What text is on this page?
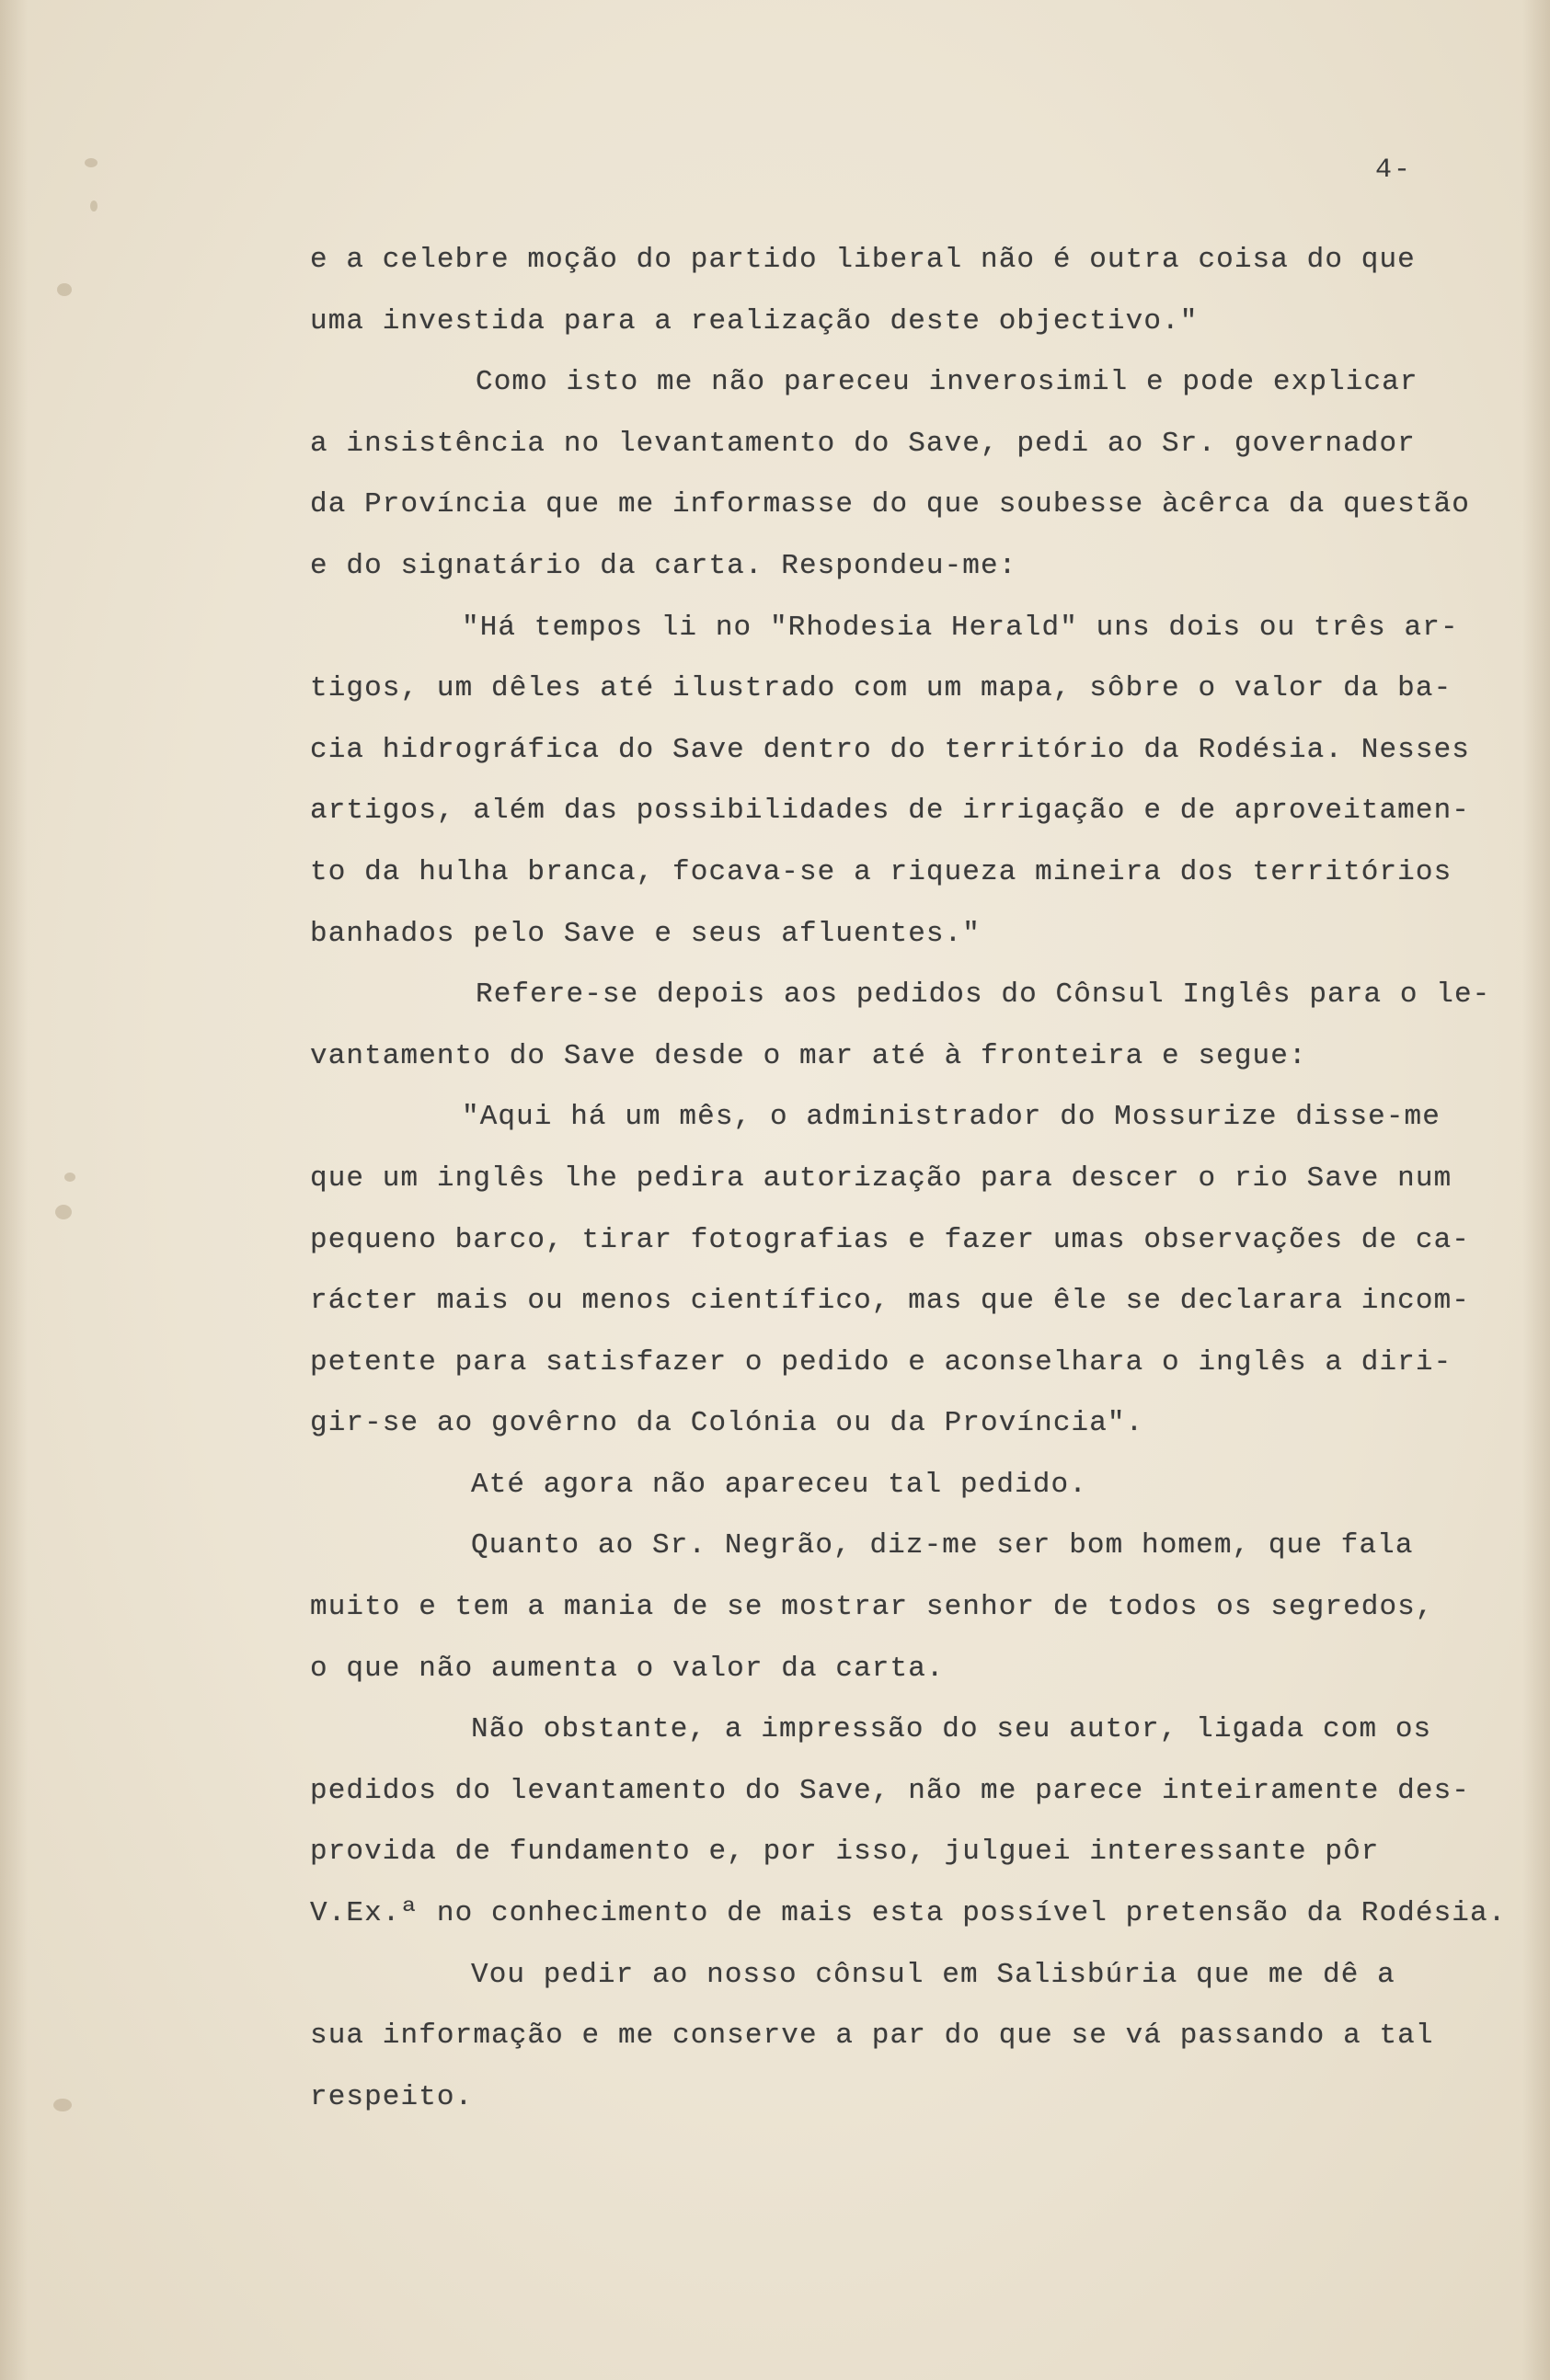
4-
e a celebre moção do partido liberal não é outra coisa do que
uma investida para a realização deste objectivo."
Como isto me não pareceu inverosimil e pode explicar
a insistência no levantamento do Save, pedi ao Sr. governador
da Província que me informasse do que soubesse àcêrca da questão
e do signatário da carta. Respondeu-me:
"Há tempos li no "Rhodesia Herald" uns dois ou três ar-
tigos, um dêles até ilustrado com um mapa, sôbre o valor da ba-
cia hidrográfica do Save dentro do território da Rodésia. Nesses
artigos, além das possibilidades de irrigação e de aproveitamen-
to da hulha branca, focava-se a riqueza mineira dos territórios
banhados pelo Save e seus afluentes."
Refere-se depois aos pedidos do Cônsul Inglês para o le-
vantamento do Save desde o mar até à fronteira e segue:
"Aqui há um mês, o administrador do Mossurize disse-me
que um inglês lhe pedira autorização para descer o rio Save num
pequeno barco, tirar fotografias e fazer umas observações de ca-
rácter mais ou menos científico, mas que êle se declarara incom-
petente para satisfazer o pedido e aconselhara o inglês a diri-
gir-se ao govêrno da Colónia ou da Província".
Até agora não apareceu tal pedido.
Quanto ao Sr. Negrão, diz-me ser bom homem, que fala
muito e tem a mania de se mostrar senhor de todos os segredos,
o que não aumenta o valor da carta.
Não obstante, a impressão do seu autor, ligada com os
pedidos do levantamento do Save, não me parece inteiramente des-
provida de fundamento e, por isso, julguei interessante pôr
V.Ex.ª no conhecimento de mais esta possível pretensão da Rodésia.
Vou pedir ao nosso cônsul em Salisbúria que me dê a
sua informação e me conserve a par do que se vá passando a tal
respeito.
